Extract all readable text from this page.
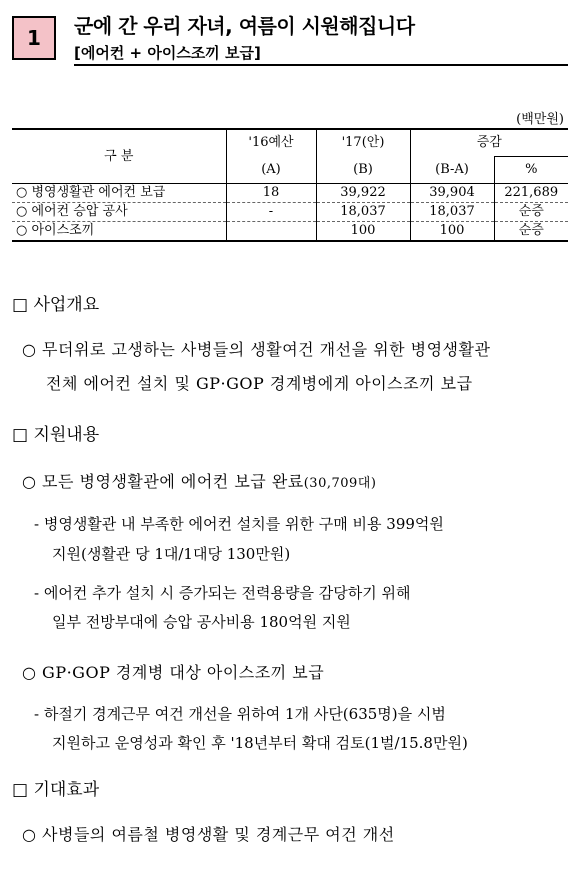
1 군에 간 우리 자녀, 여름이 시원해집니다
[에어컨 + 아이스조끼 보급]
(백만원)
구 분	'16예산	'17(안)	증감	
	(A)	(B)	(B-A)	%
○ 병영생활관 에어컨 보급	18	39,922	39,904	221,689
○ 에어컨 승압 공사	-	18,037	18,037	순증
○ 아이스조끼		100	100	순증
□ 사업개요
○ 무더위로 고생하는 사병들의 생활여건 개선을 위한 병영생활관
전체 에어컨 설치 및 GP·GOP 경계병에게 아이스조끼 보급
□ 지원내용
○ 모든 병영생활관에 에어컨 보급 완료(30,709대)
- 병영생활관 내 부족한 에어컨 설치를 위한 구매 비용 399억원
지원(생활관 당 1대/1대당 130만원)
- 에어컨 추가 설치 시 증가되는 전력용량을 감당하기 위해
일부 전방부대에 승압 공사비용 180억원 지원
○ GP·GOP 경계병 대상 아이스조끼 보급
- 하절기 경계근무 여건 개선을 위하여 1개 사단(635명)을 시범
지원하고 운영성과 확인 후 '18년부터 확대 검토(1벌/15.8만원)
□ 기대효과
○ 사병들의 여름철 병영생활 및 경계근무 여건 개선
